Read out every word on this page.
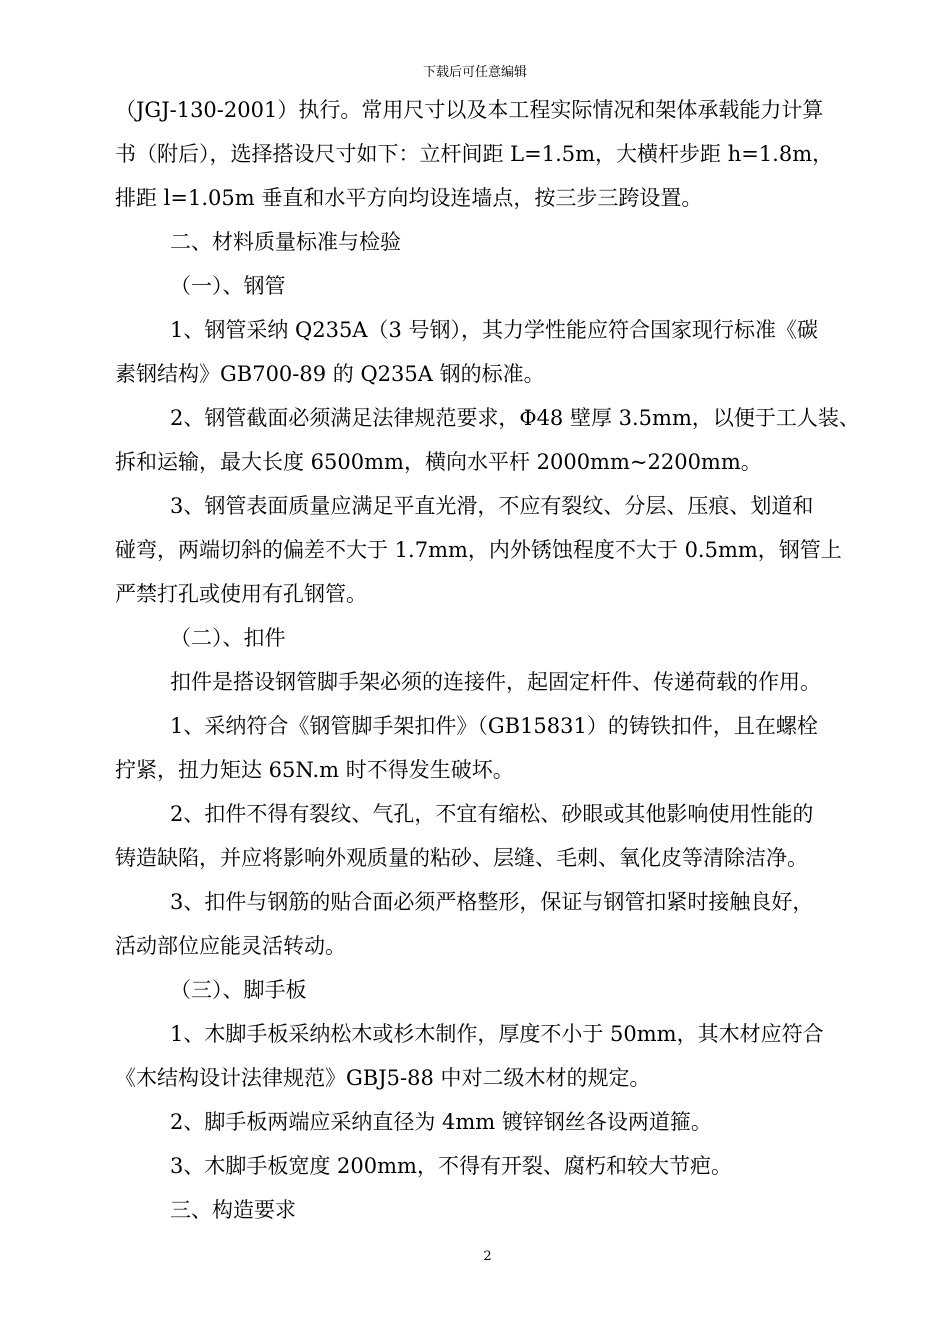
下载后可任意编辑
（JGJ-130-2001）执行。常用尺寸以及本工程实际情况和架体承载能力计算
书（附后），选择搭设尺寸如下：立杆间距 L=1.5m，大横杆步距 h=1.8m，
排距 l=1.05m 垂直和水平方向均设连墙点，按三步三跨设置。
二、材料质量标准与检验
（一）、钢管
1、钢管采纳 Q235A（3 号钢），其力学性能应符合国家现行标准《碳
素钢结构》GB700-89 的 Q235A 钢的标准。
2、钢管截面必须满足法律规范要求，Φ48 壁厚 3.5mm，以便于工人装、
拆和运输，最大长度 6500mm，横向水平杆 2000mm~2200mm。
3、钢管表面质量应满足平直光滑，不应有裂纹、分层、压痕、划道和
碰弯，两端切斜的偏差不大于 1.7mm，内外锈蚀程度不大于 0.5mm，钢管上
严禁打孔或使用有孔钢管。
（二）、扣件
扣件是搭设钢管脚手架必须的连接件，起固定杆件、传递荷载的作用。
1、采纳符合《钢管脚手架扣件》（GB15831）的铸铁扣件，且在螺栓
拧紧，扭力矩达 65N.m 时不得发生破坏。
2、扣件不得有裂纹、气孔，不宜有缩松、砂眼或其他影响使用性能的
铸造缺陷，并应将影响外观质量的粘砂、层缝、毛刺、氧化皮等清除洁净。
3、扣件与钢筋的贴合面必须严格整形，保证与钢管扣紧时接触良好，
活动部位应能灵活转动。
（三）、脚手板
1、木脚手板采纳松木或杉木制作，厚度不小于 50mm，其木材应符合
《木结构设计法律规范》GBJ5-88 中对二级木材的规定。
2、脚手板两端应采纳直径为 4mm 镀锌钢丝各设两道箍。
3、木脚手板宽度 200mm，不得有开裂、腐朽和较大节疤。
三、构造要求
2
